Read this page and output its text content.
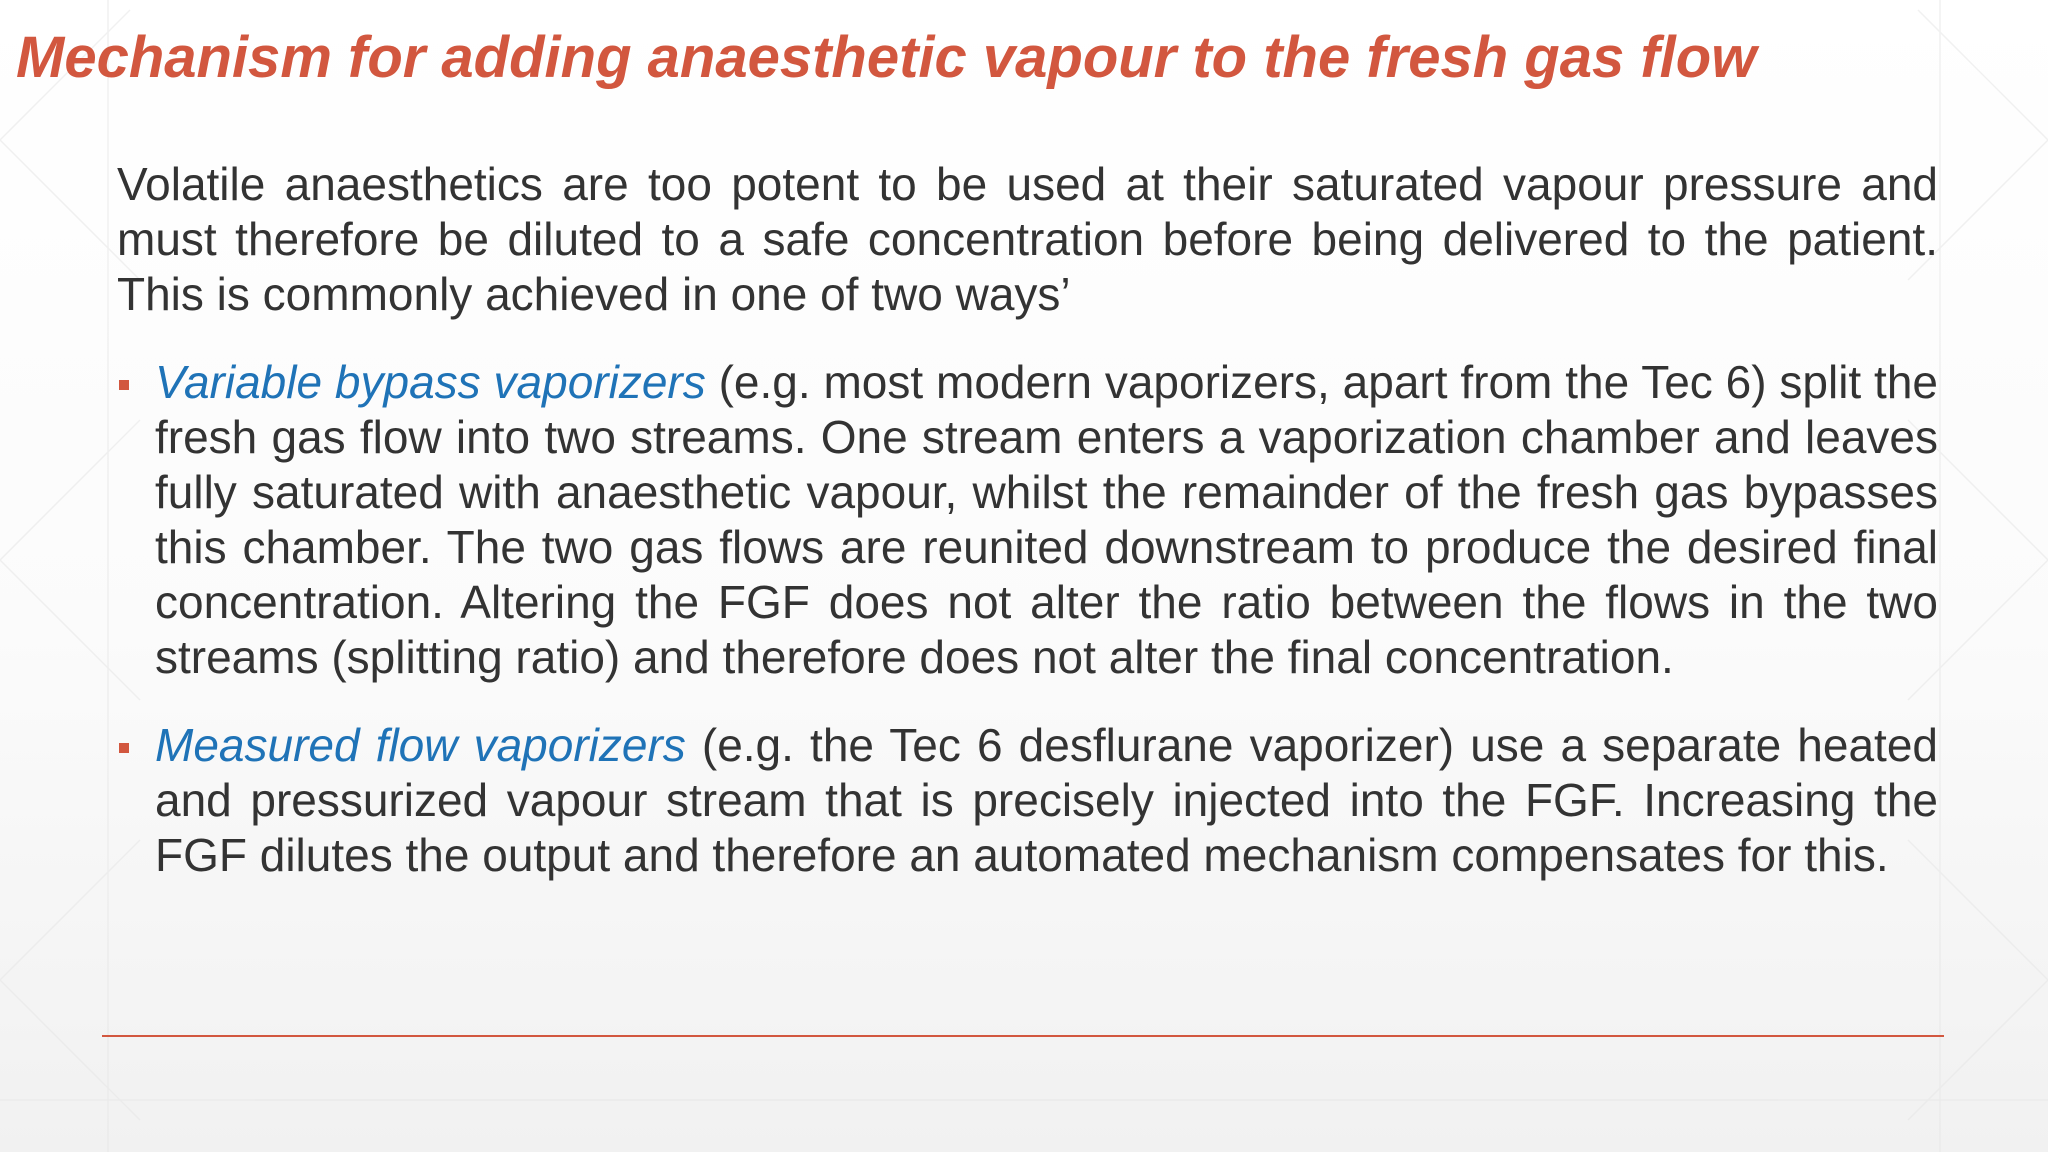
Mechanism for adding anaesthetic vapour to the fresh gas flow

Volatile anaesthetics are too potent to be used at their saturated vapour pressure and must therefore be diluted to a safe concentration before being delivered to the patient. This is commonly achieved in one of two ways’

Variable bypass vaporizers (e.g. most modern vaporizers, apart from the Tec 6) split the fresh gas flow into two streams. One stream enters a vaporization chamber and leaves fully saturated with anaesthetic vapour, whilst the remainder of the fresh gas bypasses this chamber. The two gas flows are reunited downstream to produce the desired final concentration. Altering the FGF does not alter the ratio between the flows in the two streams (splitting ratio) and therefore does not alter the final concentration.
Measured flow vaporizers (e.g. the Tec 6 desflurane vaporizer) use a separate heated and pressurized vapour stream that is precisely injected into the FGF. Increasing the FGF dilutes the output and therefore an automated mechanism compensates for this.
